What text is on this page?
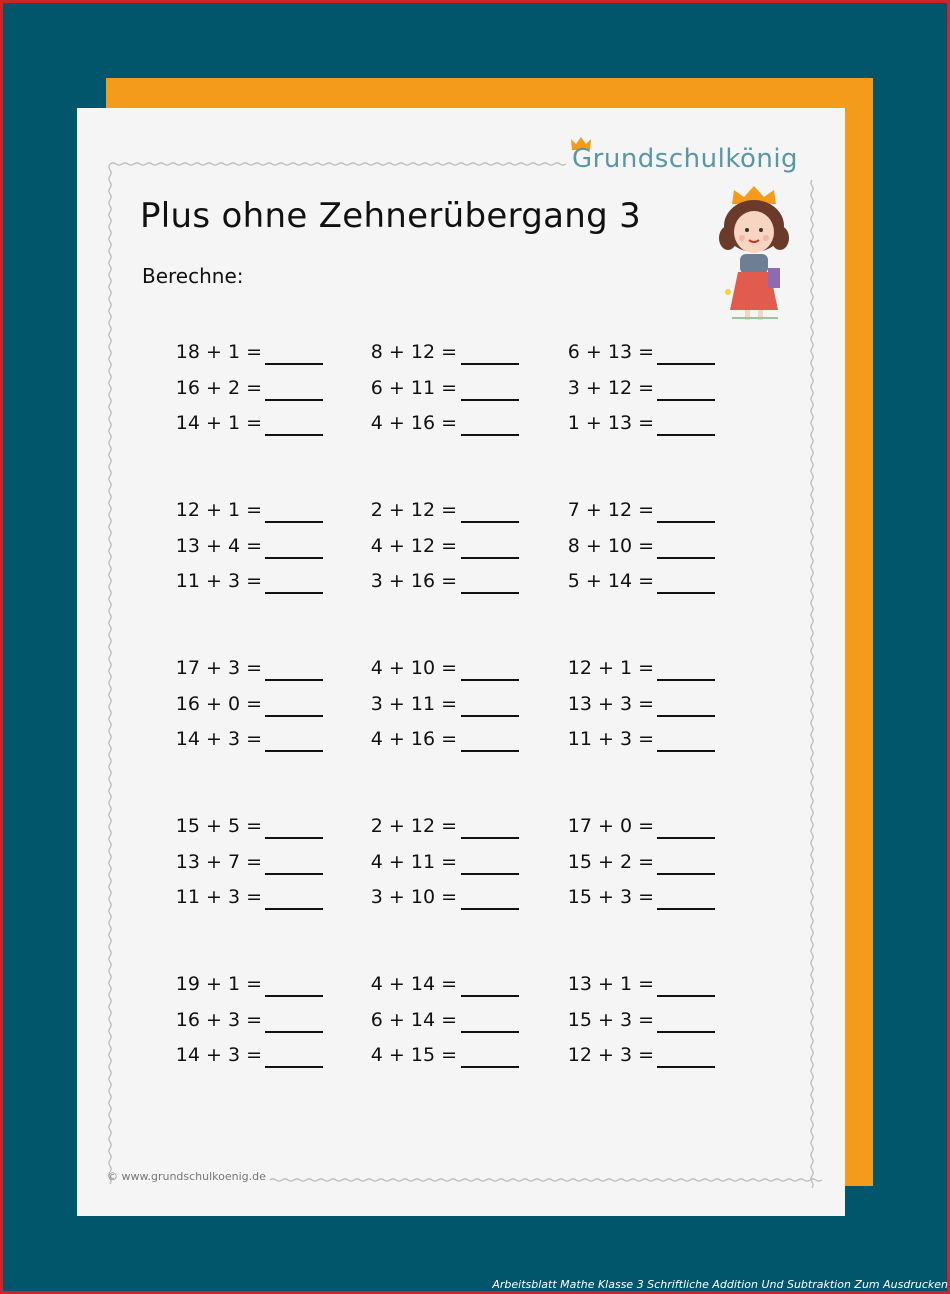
Grundschulkönig
Plus ohne Zehnerübergang 3
Berechne:
18 + 1 =
16 + 2 =
14 + 1 =
8 + 12 =
6 + 11 =
4 + 16 =
6 + 13 =
3 + 12 =
1 + 13 =
12 + 1 =
13 + 4 =
11 + 3 =
2 + 12 =
4 + 12 =
3 + 16 =
7 + 12 =
8 + 10 =
5 + 14 =
17 + 3 =
16 + 0 =
14 + 3 =
4 + 10 =
3 + 11 =
4 + 16 =
12 + 1 =
13 + 3 =
11 + 3 =
15 + 5 =
13 + 7 =
11 + 3 =
2 + 12 =
4 + 11 =
3 + 10 =
17 + 0 =
15 + 2 =
15 + 3 =
19 + 1 =
16 + 3 =
14 + 3 =
4 + 14 =
6 + 14 =
4 + 15 =
13 + 1 =
15 + 3 =
12 + 3 =
© www.grundschulkoenig.de
Arbeitsblatt Mathe Klasse 3 Schriftliche Addition Und Subtraktion Zum Ausdrucken
